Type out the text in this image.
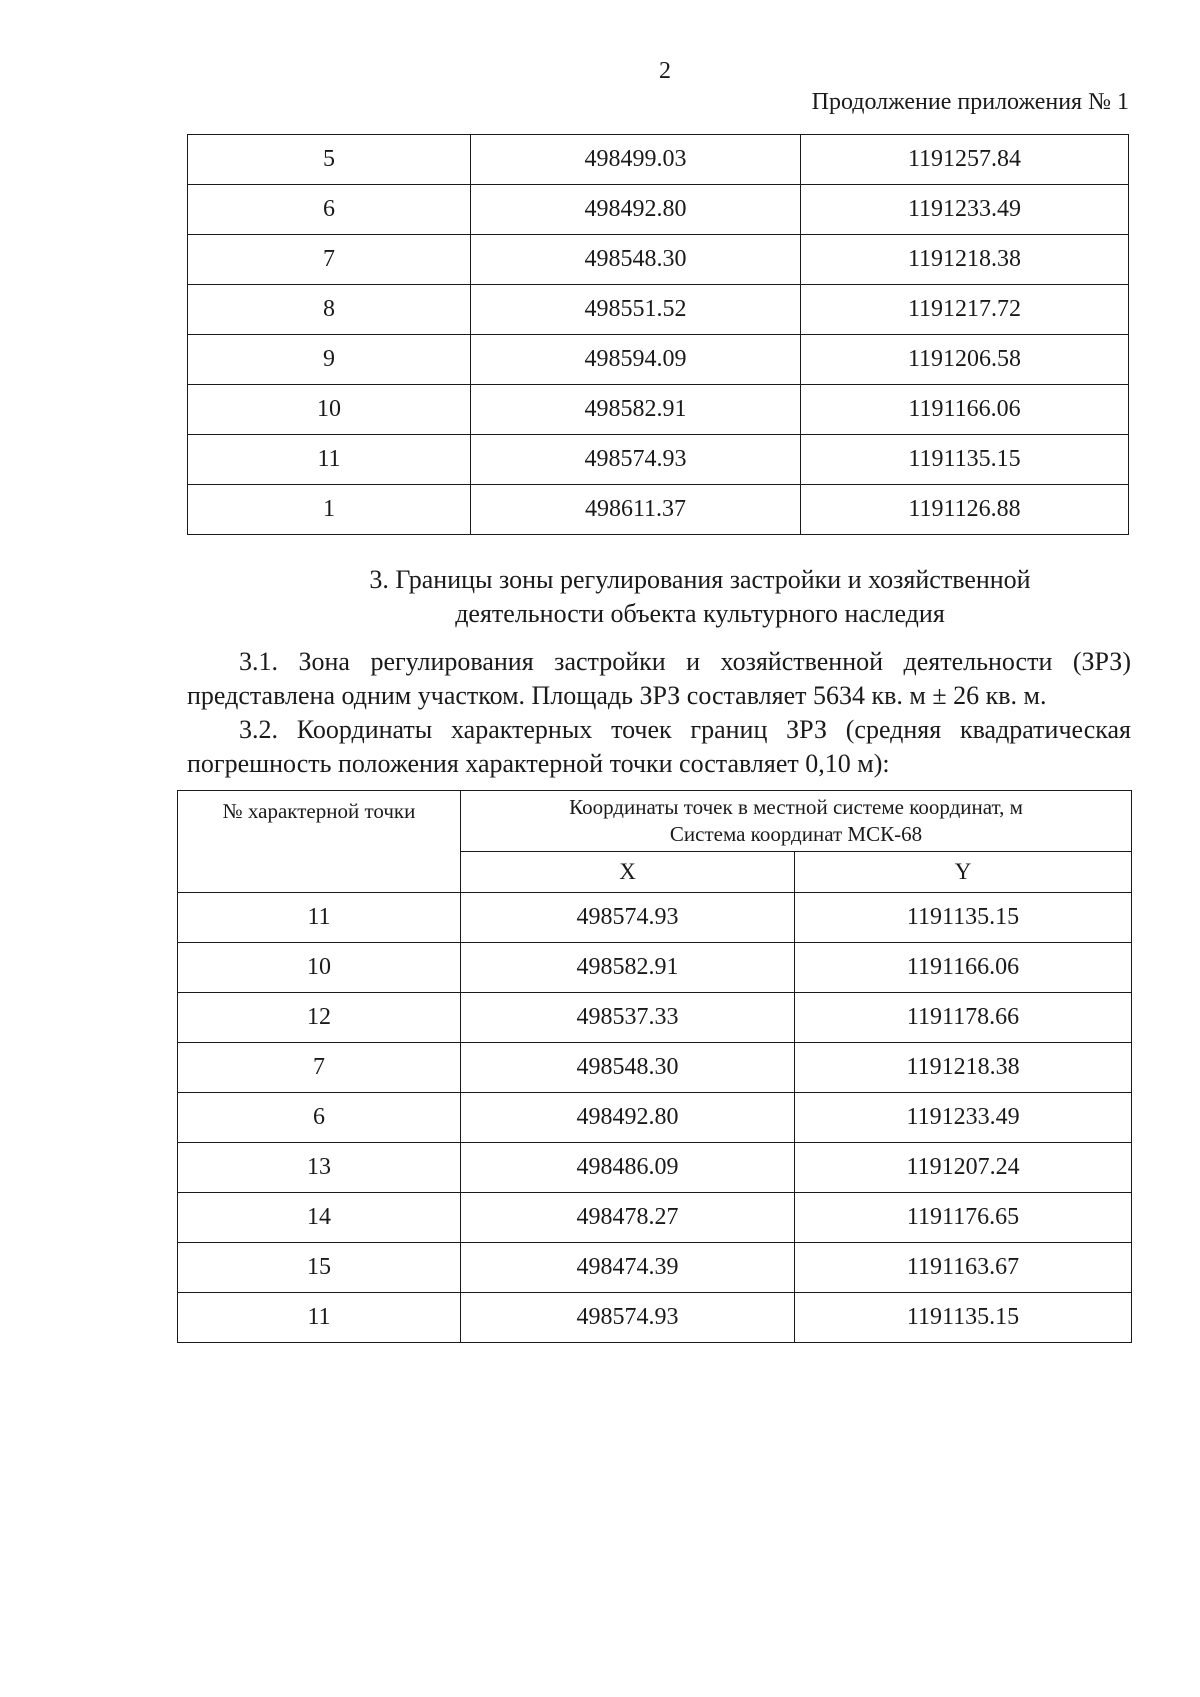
2
Продолжение приложения № 1
5	498499.03	1191257.84
6	498492.80	1191233.49
7	498548.30	1191218.38
8	498551.52	1191217.72
9	498594.09	1191206.58
10	498582.91	1191166.06
11	498574.93	1191135.15
1	498611.37	1191126.88
3. Границы зоны регулирования застройки и хозяйственной
деятельности объекта культурного наследия
3.1. Зона регулирования застройки и хозяйственной деятельности (ЗРЗ) представлена одним участком. Площадь ЗРЗ составляет 5634 кв. м ± 26 кв. м.
3.2. Координаты характерных точек границ ЗРЗ (средняя квадратическая погрешность положения характерной точки составляет 0,10 м):
№ характерной точки	Координаты точек в местной системе координат, м
Система координат МСК-68	

	X	Y
11	498574.93	1191135.15
10	498582.91	1191166.06
12	498537.33	1191178.66
7	498548.30	1191218.38
6	498492.80	1191233.49
13	498486.09	1191207.24
14	498478.27	1191176.65
15	498474.39	1191163.67
11	498574.93	1191135.15
